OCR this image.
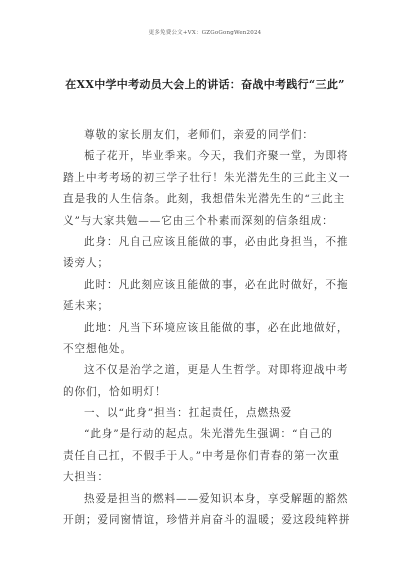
更多免费公文+VX：GZGoGongWen2024
在XX中学中考动员大会上的讲话：奋战中考践行“三此”
尊敬的家长朋友们，老师们，亲爱的同学们：
栀子花开，毕业季来。今天，我们齐聚一堂，为即将
踏上中考考场的初三学子壮行！朱光潜先生的三此主义一
直是我的人生信条。此刻，我想借朱光潜先生的“三此主
义”与大家共勉——它由三个朴素而深刻的信条组成：
此身：凡自己应该且能做的事，必由此身担当，不推
诿旁人；
此时：凡此刻应该且能做的事，必在此时做好，不拖
延未来；
此地：凡当下环境应该且能做的事，必在此地做好，
不空想他处。
这不仅是治学之道，更是人生哲学。对即将迎战中考
的你们，恰如明灯！
一、以“此身”担当：扛起责任，点燃热爱
“此身”是行动的起点。朱光潜先生强调：“自己的
责任自己扛，不假手于人。”中考是你们青春的第一次重
大担当：
热爱是担当的燃料——爱知识本身，享受解题的豁然
开朗；爱同窗情谊，珍惜并肩奋斗的温暖；爱这段纯粹拼
